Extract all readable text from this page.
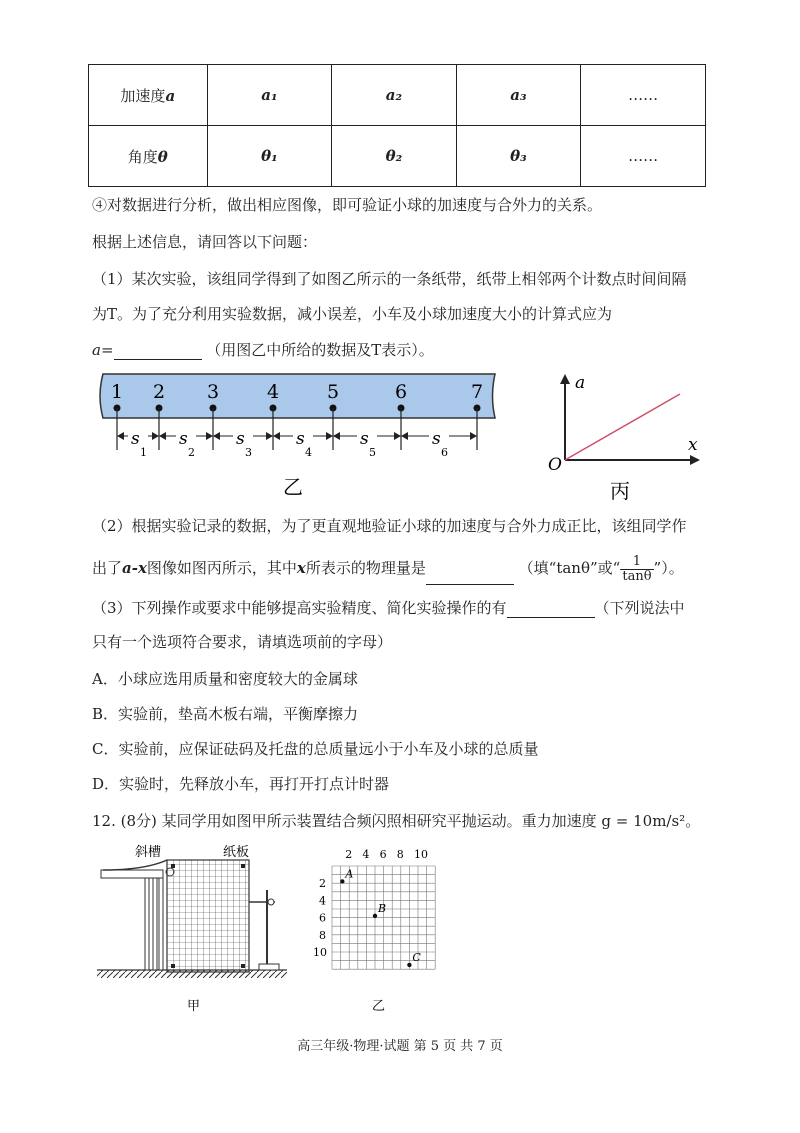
加速度a	a₁	a₂	a₃	……
角度θ	θ₁	θ₂	θ₃	……
④对数据进行分析，做出相应图像，即可验证小球的加速度与合外力的关系。
根据上述信息，请回答以下问题：
（1）某次实验，该组同学得到了如图乙所示的一条纸带，纸带上相邻两个计数点时间间隔
为T。为了充分利用实验数据，减小误差，小车及小球加速度大小的计算式应为
a=	（用图乙中所给的数据及T表示）。
1 2 3	4	5	6	7
s
1
s
2
s
3
s
4
s
5
s
6
乙
a
x
O
丙
（2）根据实验记录的数据，为了更直观地验证小球的加速度与合外力成正比，该组同学作
出了a-x图像如图丙所示，其中x所表示的物理量是	（填“tanθ”或“ $\frac{1}{\tan\theta}$ ”）。
（3）下列操作或要求中能够提高实验精度、简化实验操作的有	（下列说法中
只有一个选项符合要求，请填选项前的字母）
A．小球应选用质量和密度较大的金属球
B．实验前，垫高木板右端，平衡摩擦力
C．实验前，应保证砝码及托盘的总质量远小于小车及小球的总质量
D．实验时，先释放小车，再打开打点计时器
12. (8分) 某同学用如图甲所示装置结合频闪照相研究平抛运动。重力加速度 g = 10m/s²。
斜槽	纸板
甲
2 4 6 8 10
2
4
6
8
10
A
B
C
乙
高三年级·物理·试题 第 5 页 共 7 页
